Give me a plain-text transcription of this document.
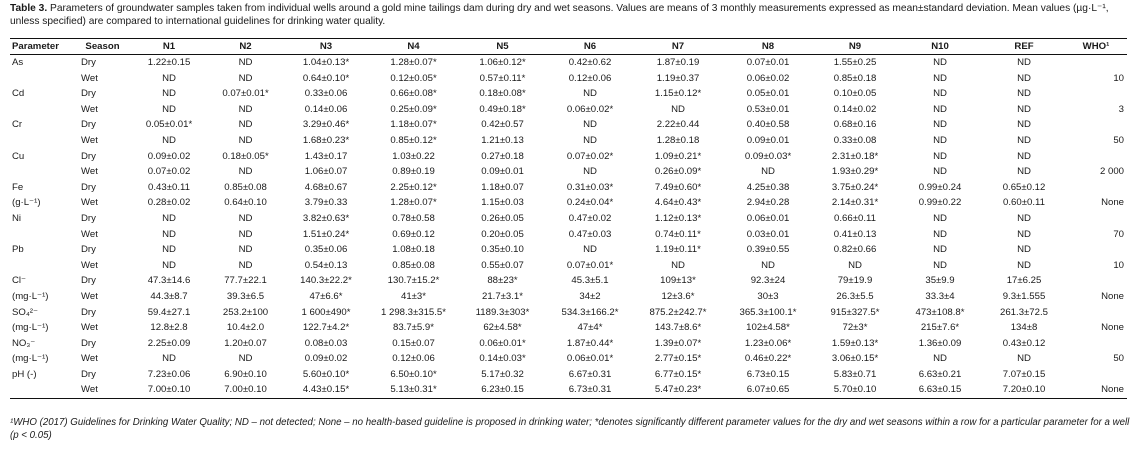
Table 3. Parameters of groundwater samples taken from individual wells around a gold mine tailings dam during dry and wet seasons. Values are means of 3 monthly measurements expressed as mean±standard deviation. Mean values (µg·L⁻¹, unless specified) are compared to international guidelines for drinking water quality.
Parameter	Season	N1	N2	N3	N4	N5	N6	N7	N8	N9	N10	REF	WHO¹
As	Dry	1.22±0.15	ND	1.04±0.13*	1.28±0.07*	1.06±0.12*	0.42±0.62	1.87±0.19	0.07±0.01	1.55±0.25	ND	ND	
	Wet	ND	ND	0.64±0.10*	0.12±0.05*	0.57±0.11*	0.12±0.06	1.19±0.37	0.06±0.02	0.85±0.18	ND	ND	10
Cd	Dry	ND	0.07±0.01*	0.33±0.06	0.66±0.08*	0.18±0.08*	ND	1.15±0.12*	0.05±0.01	0.10±0.05	ND	ND	
	Wet	ND	ND	0.14±0.06	0.25±0.09*	0.49±0.18*	0.06±0.02*	ND	0.53±0.01	0.14±0.02	ND	ND	3
Cr	Dry	0.05±0.01*	ND	3.29±0.46*	1.18±0.07*	0.42±0.57	ND	2.22±0.44	0.40±0.58	0.68±0.16	ND	ND	
	Wet	ND	ND	1.68±0.23*	0.85±0.12*	1.21±0.13	ND	1.28±0.18	0.09±0.01	0.33±0.08	ND	ND	50
Cu	Dry	0.09±0.02	0.18±0.05*	1.43±0.17	1.03±0.22	0.27±0.18	0.07±0.02*	1.09±0.21*	0.09±0.03*	2.31±0.18*	ND	ND	
	Wet	0.07±0.02	ND	1.06±0.07	0.89±0.19	0.09±0.01	ND	0.26±0.09*	ND	1.93±0.29*	ND	ND	2 000
Fe	Dry	0.43±0.11	0.85±0.08	4.68±0.67	2.25±0.12*	1.18±0.07	0.31±0.03*	7.49±0.60*	4.25±0.38	3.75±0.24*	0.99±0.24	0.65±0.12	
(g·L⁻¹)	Wet	0.28±0.02	0.64±0.10	3.79±0.33	1.28±0.07*	1.15±0.03	0.24±0.04*	4.64±0.43*	2.94±0.28	2.14±0.31*	0.99±0.22	0.60±0.11	None
Ni	Dry	ND	ND	3.82±0.63*	0.78±0.58	0.26±0.05	0.47±0.02	1.12±0.13*	0.06±0.01	0.66±0.11	ND	ND	
	Wet	ND	ND	1.51±0.24*	0.69±0.12	0.20±0.05	0.47±0.03	0.74±0.11*	0.03±0.01	0.41±0.13	ND	ND	70
Pb	Dry	ND	ND	0.35±0.06	1.08±0.18	0.35±0.10	ND	1.19±0.11*	0.39±0.55	0.82±0.66	ND	ND	
	Wet	ND	ND	0.54±0.13	0.85±0.08	0.55±0.07	0.07±0.01*	ND	ND	ND	ND	ND	10
Cl⁻	Dry	47.3±14.6	77.7±22.1	140.3±22.2*	130.7±15.2*	88±23*	45.3±5.1	109±13*	92.3±24	79±19.9	35±9.9	17±6.25	
(mg·L⁻¹)	Wet	44.3±8.7	39.3±6.5	47±6.6*	41±3*	21.7±3.1*	34±2	12±3.6*	30±3	26.3±5.5	33.3±4	9.3±1.555	None
SO₄²⁻	Dry	59.4±27.1	253.2±100	1 600±490*	1 298.3±315.5*	1189.3±303*	534.3±166.2*	875.2±242.7*	365.3±100.1*	915±327.5*	473±108.8*	261.3±72.5	
(mg·L⁻¹)	Wet	12.8±2.8	10.4±2.0	122.7±4.2*	83.7±5.9*	62±4.58*	47±4*	143.7±8.6*	102±4.58*	72±3*	215±7.6*	134±8	None
NO₃⁻	Dry	2.25±0.09	1.20±0.07	0.08±0.03	0.15±0.07	0.06±0.01*	1.87±0.44*	1.39±0.07*	1.23±0.06*	1.59±0.13*	1.36±0.09	0.43±0.12	
(mg·L⁻¹)	Wet	ND	ND	0.09±0.02	0.12±0.06	0.14±0.03*	0.06±0.01*	2.77±0.15*	0.46±0.22*	3.06±0.15*	ND	ND	50
pH (-)	Dry	7.23±0.06	6.90±0.10	5.60±0.10*	6.50±0.10*	5.17±0.32	6.67±0.31	6.77±0.15*	6.73±0.15	5.83±0.71	6.63±0.21	7.07±0.15	
	Wet	7.00±0.10	7.00±0.10	4.43±0.15*	5.13±0.31*	6.23±0.15	6.73±0.31	5.47±0.23*	6.07±0.65	5.70±0.10	6.63±0.15	7.20±0.10	None
¹WHO (2017) Guidelines for Drinking Water Quality; ND – not detected; None – no health-based guideline is proposed in drinking water; *denotes significantly different parameter values for the dry and wet seasons within a row for a particular parameter for a well (p < 0.05)
